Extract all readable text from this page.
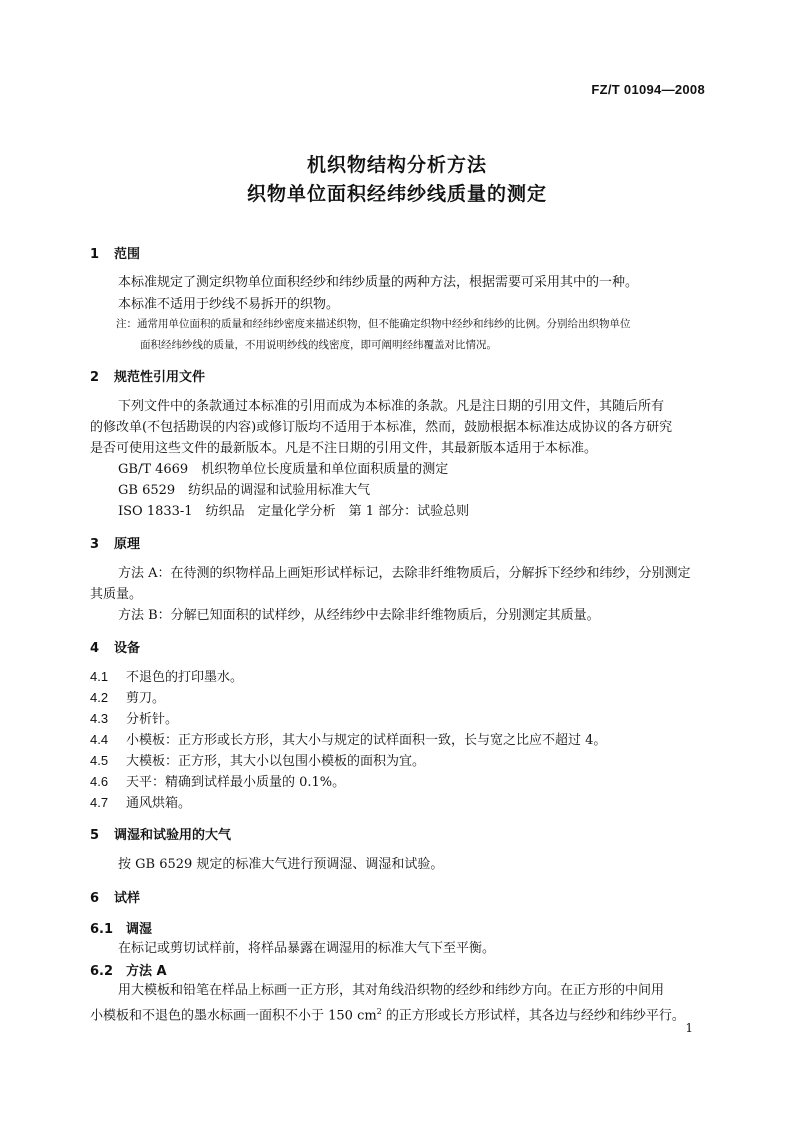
FZ/T 01094—2008
机织物结构分析方法
织物单位面积经纬纱线质量的测定
1 范围
本标准规定了测定织物单位面积经纱和纬纱质量的两种方法，根据需要可采用其中的一种。
本标准不适用于纱线不易拆开的织物。
注：通常用单位面积的质量和经纬纱密度来描述织物，但不能确定织物中经纱和纬纱的比例。分别给出织物单位
面积经纬纱线的质量，不用说明纱线的线密度，即可阐明经纬覆盖对比情况。
2 规范性引用文件
下列文件中的条款通过本标准的引用而成为本标准的条款。凡是注日期的引用文件，其随后所有
的修改单(不包括勘误的内容)或修订版均不适用于本标准，然而，鼓励根据本标准达成协议的各方研究
是否可使用这些文件的最新版本。凡是不注日期的引用文件，其最新版本适用于本标准。
GB/T 4669　机织物单位长度质量和单位面积质量的测定
GB 6529　纺织品的调湿和试验用标准大气
ISO 1833-1　纺织品　定量化学分析　第 1 部分：试验总则
3 原理
方法 A：在待测的织物样品上画矩形试样标记，去除非纤维物质后，分解拆下经纱和纬纱，分别测定
其质量。
方法 B：分解已知面积的试样纱，从经纬纱中去除非纤维物质后，分别测定其质量。
4 设备
4.1 不退色的打印墨水。
4.2 剪刀。
4.3 分析针。
4.4 小模板：正方形或长方形，其大小与规定的试样面积一致，长与宽之比应不超过 4。
4.5 大模板：正方形，其大小以包围小模板的面积为宜。
4.6 天平：精确到试样最小质量的 0.1%。
4.7 通风烘箱。
5 调湿和试验用的大气
按 GB 6529 规定的标准大气进行预调湿、调湿和试验。
6 试样
6.1 调湿
在标记或剪切试样前，将样品暴露在调湿用的标准大气下至平衡。
6.2 方法 A
用大模板和铅笔在样品上标画一正方形，其对角线沿织物的经纱和纬纱方向。在正方形的中间用
小模板和不退色的墨水标画一面积不小于 150 $cm^2$ 的正方形或长方形试样，其各边与经纱和纬纱平行。
1
